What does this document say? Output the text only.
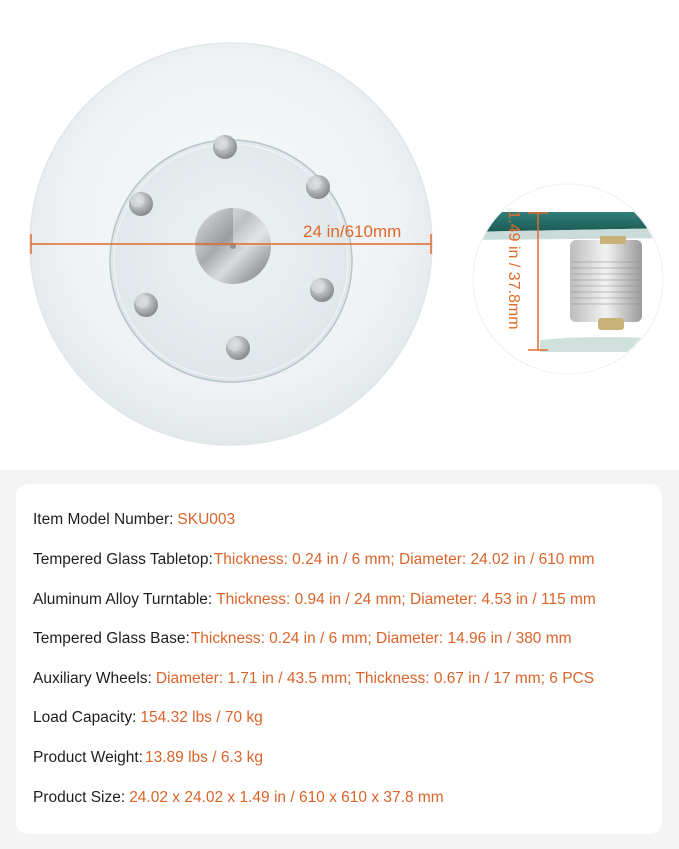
24 in/610mm	1.49 in / 37.8mm
Item Model Number: SKU003
Tempered Glass Tabletop:Thickness: 0.24 in / 6 mm; Diameter: 24.02 in / 610 mm
Aluminum Alloy Turntable: Thickness: 0.94 in / 24 mm; Diameter: 4.53 in / 115 mm
Tempered Glass Base:Thickness: 0.24 in / 6 mm; Diameter: 14.96 in / 380 mm
Auxiliary Wheels: Diameter: 1.71 in / 43.5 mm; Thickness: 0.67 in / 17 mm; 6 PCS
Load Capacity: 154.32 lbs / 70 kg
Product Weight: 13.89 lbs / 6.3 kg
Product Size: 24.02 x 24.02 x 1.49 in / 610 x 610 x 37.8 mm
